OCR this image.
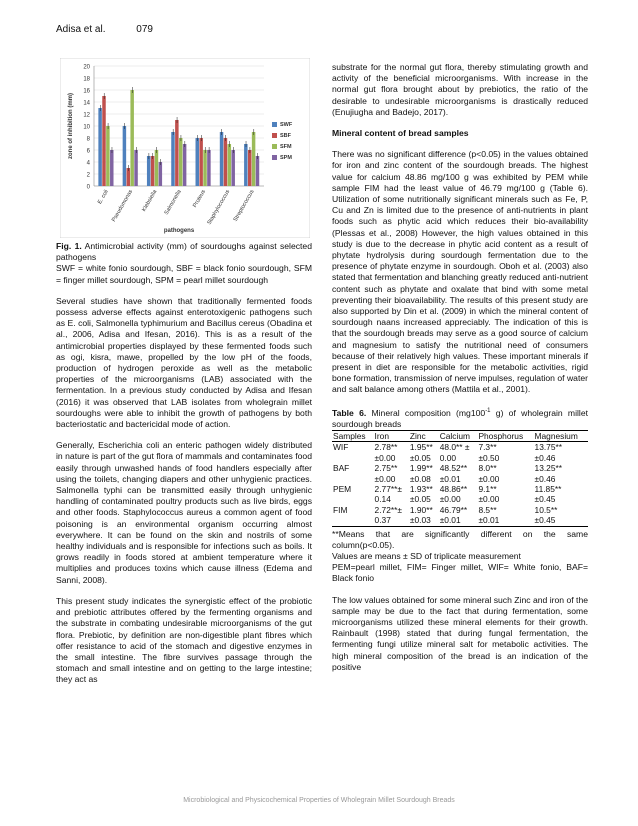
Adisa et al.	079
0
2
4
6
8
10
12
14
16
18
20
zone of inhibition (mm)
E. coli Pseudomonas Klebsiella Salmonella Proteus Staphylococcus Streptococcus
pathogens
SWF
SBF
SFM
SPM

Fig. 1. Antimicrobial activity (mm) of sourdoughs against selected pathogens

SWF = white fonio sourdough, SBF = black fonio sourdough, SFM = finger millet sourdough, SPM = pearl millet sourdough

Several studies have shown that traditionally fermented foods possess adverse effects against enterotoxigenic pathogens such as E. coli, Salmonella typhimurium and Bacillus cereus (Obadina et al., 2006, Adisa and Ifesan, 2016). This is as a result of the antimicrobial properties displayed by these fermented foods such as ogi, kisra, mawe, propelled by the low pH of the foods, production of hydrogen peroxide as well as the metabolic properties of the microorganisms (LAB) associated with the fermentation. In a previous study conducted by Adisa and Ifesan (2016) it was observed that LAB isolates from wholegrain millet sourdoughs were able to inhibit the growth of pathogens by both bacteriostatic and bactericidal mode of action.

Generally, Escherichia coli an enteric pathogen widely distributed in nature is part of the gut flora of mammals and contaminates food easily through unwashed hands of food handlers especially after using the toilets, changing diapers and other unhygienic practices. Salmonella typhi can be transmitted easily through unhygienic handling of contaminated poultry products such as live birds, eggs and other foods. Staphylococcus aureus a common agent of food poisoning is an environmental organism occurring almost everywhere. It can be found on the skin and nostrils of some healthy individuals and is responsible for infections such as boils. It grows readily in foods stored at ambient temperature where it multiplies and produces toxins which cause illness (Edema and Sanni, 2008).

This present study indicates the synergistic effect of the probiotic and prebiotic attributes offered by the fermenting organisms and the substrate in combating undesirable microorganisms of the gut flora. Prebiotic, by definition are non-digestible plant fibres which offer resistance to acid of the stomach and digestive enzymes in the small intestine. The fibre survives passage through the stomach and small intestine and on getting to the large intestine; they act as

substrate for the normal gut flora, thereby stimulating growth and activity of the beneficial microorganisms. With increase in the normal gut flora brought about by prebiotics, the ratio of the desirable to undesirable microorganisms is drastically reduced (Enujiugha and Badejo, 2017).

Mineral content of bread samples

There was no significant difference (p<0.05) in the values obtained for iron and zinc content of the sourdough breads. The highest value for calcium 48.86 mg/100 g was exhibited by PEM while sample FIM had the least value of 46.79 mg/100 g (Table 6). Utilization of some nutritionally significant minerals such as Fe, P, Cu and Zn is limited due to the presence of anti-nutrients in plant foods such as phytic acid which reduces their bio-availability (Plessas et al., 2008) However, the high values obtained in this study is due to the decrease in phytic acid content as a result of phytate hydrolysis during sourdough fermentation due to the presence of phytate enzyme in sourdough. Oboh et al. (2003) also stated that fermentation and blanching greatly reduced anti-nutrient content such as phytate and oxalate that bind with some metal preventing their bioavailability. The results of this present study are also supported by Din et al. (2009) in which the mineral content of sourdough naans increased appreciably. The indication of this is that the sourdough breads may serve as a good source of calcium and magnesium to satisfy the nutritional need of consumers because of their relatively high values. These important minerals if present in diet are responsible for the metabolic activities, rigid bone formation, transmission of nerve impulses, regulation of water and salt balance among others (Mattila et al., 2001).

Table 6. Mineral composition ($mg100^{-1}$ g) of wholegrain millet sourdough breads

Samples	Iron	Zinc	Calcium	Phosphorus	Magnesium
WIF	2.78**	1.95**	48.0** ±	7.3**	13.75**
	±0.00	±0.05	0.00	±0.50	±0.46
BAF	2.75**	1.99**	48.52**	8.0**	13.25**
	±0.00	±0.08	±0.01	±0.00	±0.46
PEM	2.77**±	1.93**	48.86**	9.1**	11.85**
	0.14	±0.05	±0.00	±0.00	±0.45
FIM	2.72**±	1.90**	46.79**	8.5**	10.5**
	0.37	±0.03	±0.01	±0.01	±0.45

**Means that are significantly different on the same column(p<0.05).

Values are means ± SD of triplicate measurement

PEM=pearl millet, FIM= Finger millet, WIF= White fonio, BAF= Black fonio

The low values obtained for some mineral such Zinc and iron of the sample may be due to the fact that during fermentation, some microorganisms utilized these mineral elements for their growth. Rainbault (1998) stated that during fungal fermentation, the fermenting fungi utilize mineral salt for metabolic activities. The high mineral composition of the bread is an indication of the positive

Microbiological and Physicochemical Properties of Wholegrain Millet Sourdough Breads
